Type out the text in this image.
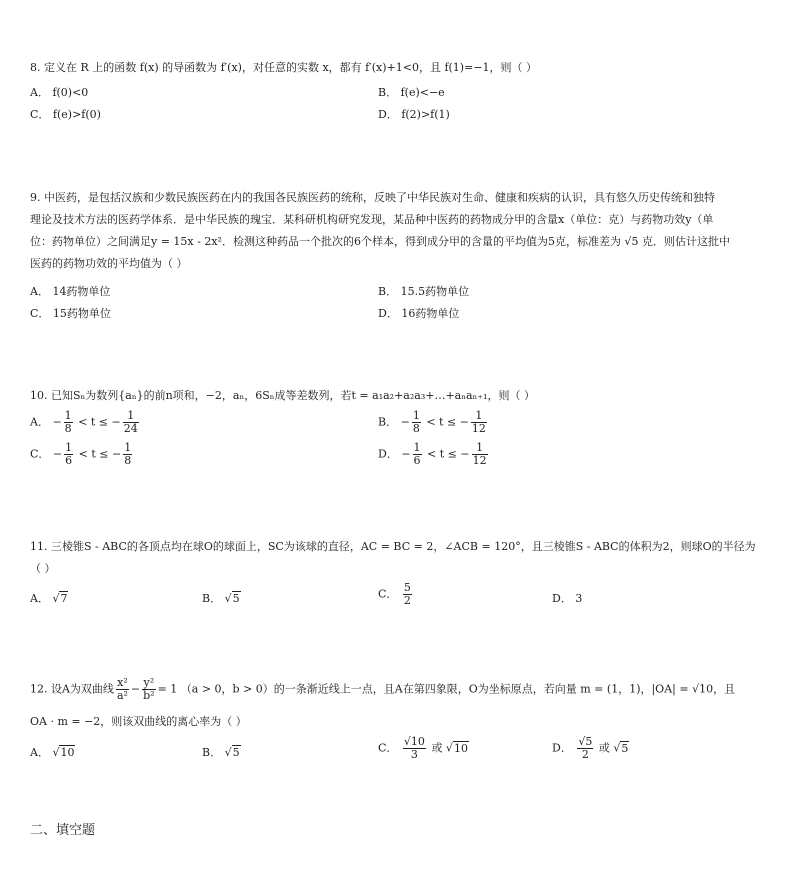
8. 定义在 R 上的函数 f(x) 的导函数为 f′(x)，对任意的实数 x，都有 f′(x)+1<0，且 f(1)=−1，则（ ）
A． f(0)<0	B． f(e)<−e
C． f(e)>f(0)	D． f(2)>f(1)
9. 中医药，是包括汉族和少数民族医药在内的我国各民族医药的统称，反映了中华民族对生命、健康和疾病的认识，具有悠久历史传统和独特
理论及技术方法的医药学体系．是中华民族的瑰宝．某科研机构研究发现，某品种中医药的药物成分甲的含量x（单位：克）与药物功效y（单
位：药物单位）之间满足y = 15x - 2x²．检测这种药品一个批次的6个样本，得到成分甲的含量的平均值为5克，标准差为 √5 克．则估计这批中
医药的药物功效的平均值为（ ）
A． 14药物单位	B． 15.5药物单位
C． 15药物单位	D． 16药物单位
10. 已知Sₙ为数列{aₙ}的前n项和，−2，aₙ，6Sₙ成等差数列，若t = a₁a₂+a₂a₃+…+aₙaₙ₊₁，则（ ）
A． − $\frac{1}{8} < t$ ≤ − $\frac{1}{24}$	B． − $\frac{1}{8} < t$ ≤ − $\frac{1}{12}$
C． − $\frac{1}{6} < t$ ≤ − $\frac{1}{8}$	D． − $\frac{1}{6} < t$ ≤ − $\frac{1}{12}$
11. 三棱锥S - ABC的各顶点均在球O的球面上，SC为该球的直径，AC = BC = 2，∠ACB = 120°，且三棱锥S - ABC的体积为2，则球O的半径为
（ ）
A． √7	B． √5	C． $\frac{5}{2}$	D． 3
12. 设A为双曲线 $\frac{\text{x²}}{\text{a²}} - \frac{\text{y²}}{\text{b²}} = 1$ （a > 0，b > 0）的一条渐近线上一点，且A在第四象限，O为坐标原点，若向量 m = (1，1)，|OA| = √10，且
OA · m = −2，则该双曲线的离心率为（ ）
A． √10	B． √5	C． $\frac{√10}{3}$ 或 √10	D． $\frac{√5}{2}$ 或 √5
二、填空题
